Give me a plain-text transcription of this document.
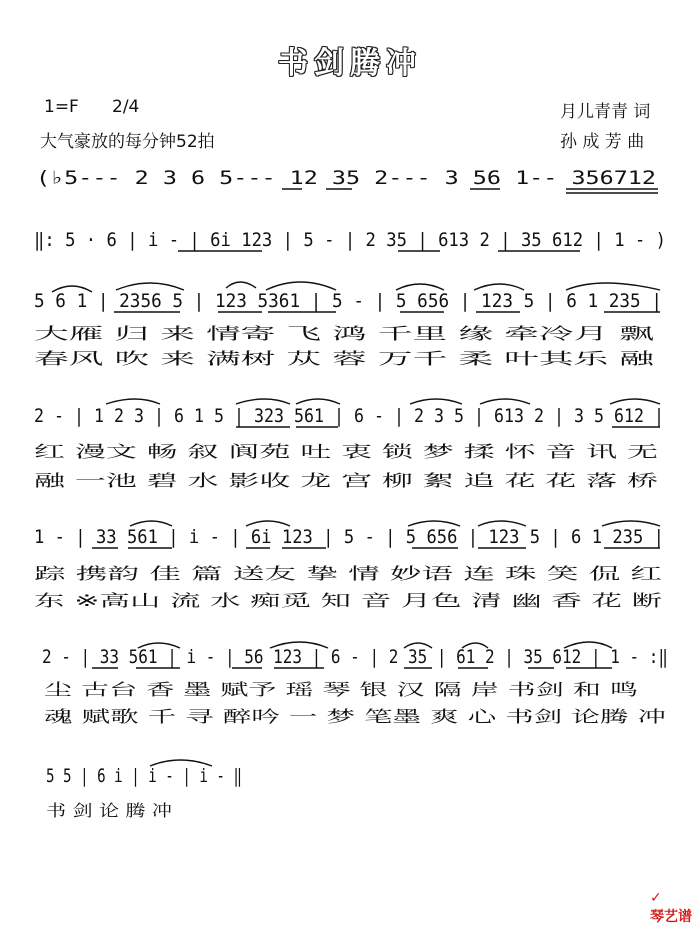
书剑腾冲
1=F 2/4
大气豪放的每分钟52拍
月儿青青 词
孙 成 芳 曲
(♭5--- 2 3 6 5--- 12 35 2--- 3 56 1-- 356712
‖: 5 · 6 | i - | 6i 123 | 5 - | 2 35 | 613 2 | 35 612 | 1 - )
5 6 1 | 2356 5 | 123 5361 | 5 - | 5 656 | 123 5 | 6 1 235 |
2 - | 1 2 3 | 6 1 5 | 323 561 | 6 - | 2 3 5 | 613 2 | 3 5 612 |
1 - | 33 561 | i - | 6i 123 | 5 - | 5 656 | 123 5 | 6 1 235 |
2 - | 33 561 | i - | 56 123 | 6 - | 2 35 | 61 2 | 35 612 | 1 - :‖
5 5 | 6 i | i - | i - ‖
大雁 归 来 情寄 飞 鸿 千里 缘 牵冷月 飘
春风 吹 来 满树 苁 蓉 万千 柔 叶其乐 融
红 漫文 畅 叙 阆苑 吐 衷 锁 梦 揉 怀 音 讯 无
融 一池 碧 水 影收 龙 宫 柳 絮 追 花 花 落 桥
踪 携韵 佳 篇 送友 挚 情 妙语 连 珠 笑 侃 红
东 ※高山 流 水 痴觅 知 音 月色 清 幽 香 花 断
尘 古台 香 墨 赋予 瑶 琴 银 汉 隔 岸 书剑 和 鸣
魂 赋歌 千 寻 醉吟 一 梦 笔墨 爽 心 书剑 论腾 冲
书 剑 论 腾 冲

✓
琴艺谱
